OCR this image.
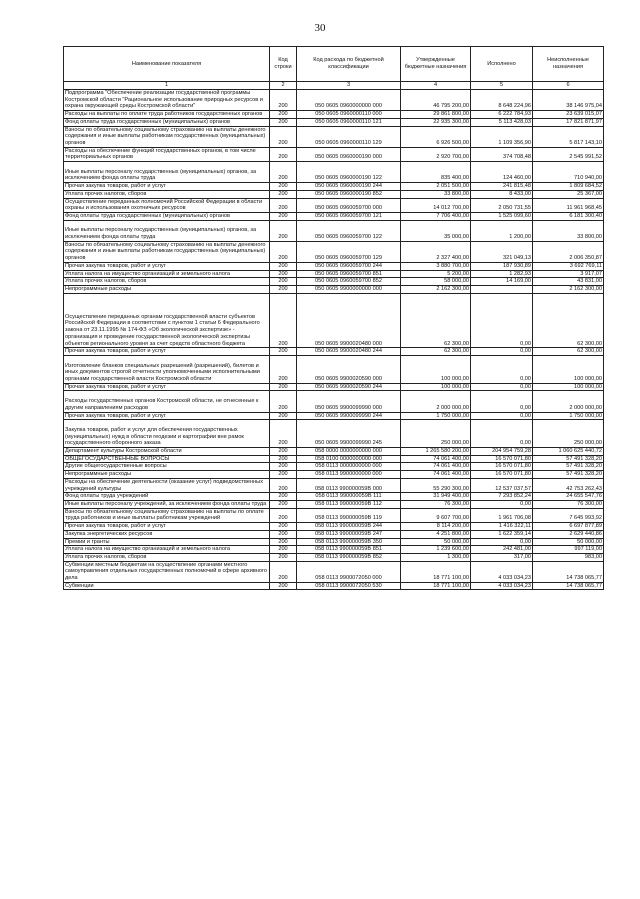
30
Наименование показателя	Код строки	Код расхода по бюджетной классификации	Утвержденные бюджетные назначения	Исполнено	Неисполненные назначения
1	2	3	4	5	6
Подпрограмма "Обеспечение реализации государственной программы Костромской области "Рациональное использование природных ресурсов и охрана окружающей среды Костромской области"	200	050 0605 0960000000 000	46 795 200,00	8 648 224,96	38 146 975,04
Расходы на выплаты по оплате труда работников государственных органов	200	050 0605 0960000110 000	29 861 800,00	6 222 784,93	23 639 015,07
Фонд оплаты труда государственных (муниципальных) органов	200	050 0605 0960000110 121	22 935 300,00	5 113 428,03	17 821 871,97
Взносы по обязательному социальному страхованию на выплаты денежного содержания и иные выплаты работникам государственных (муниципальных) органов	200	050 0605 0960000110 129	6 926 500,00	1 109 356,90	5 817 143,10
Расходы на обеспечение функций государственных органов, в том числе территориальных органов	200	050 0605 0960000190 000	2 920 700,00	374 708,48	2 545 991,52
Иные выплаты персоналу государственных (муниципальных) органов, за исключением фонда оплаты труда	200	050 0605 0960000190 122	835 400,00	124 460,00	710 940,00
Прочая закупка товаров, работ и услуг	200	050 0605 0960000190 244	2 051 500,00	241 815,48	1 809 684,52
Уплата прочих налогов, сборов	200	050 0605 0960000190 852	33 800,00	8 433,00	25 367,00
Осуществление переданных полномочий Российской Федерации в области охраны и использования охотничьих ресурсов	200	050 0605 0960059700 000	14 012 700,00	2 050 731,55	11 961 968,45
Фонд оплаты труда государственных (муниципальных) органов	200	050 0605 0960059700 121	7 706 400,00	1 525 099,60	6 181 300,40
Иные выплаты персоналу государственных (муниципальных) органов, за исключением фонда оплаты труда	200	050 0605 0960059700 122	35 000,00	1 200,00	33 800,00
Взносы по обязательному социальному страхованию на выплаты денежного содержания и иные выплаты работникам государственных (муниципальных) органов	200	050 0605 0960059700 129	2 327 400,00	321 049,13	2 006 350,87
Прочая закупка товаров, работ и услуг	200	050 0605 0960059700 244	3 880 700,00	187 930,89	3 692 769,11
Уплата налога на имущество организаций и земельного налога	200	050 0605 0960059700 851	5 200,00	1 282,93	3 917,07
Уплата прочих налогов, сборов	200	050 0605 0960059700 852	58 000,00	14 169,00	43 831,00
Непрограммные расходы	200	050 0605 9900000000 000	2 162 300,00		2 162 300,00
Осуществление переданных органам государственной власти субъектов Российской Федерации в соответствии с пунктом 1 статьи 6 Федерального закона от 23.11.1995 № 174-ФЗ «Об экологической экспертизе» - организация и проведение государственной экологической экспертизы объектов регионального уровня за счет средств областного бюджета	200	050 0605 9900020480 000	62 300,00	0,00	62 300,00
Прочая закупка товаров, работ и услуг	200	050 0605 9900020480 244	62 300,00	0,00	62 300,00
Изготовление бланков специальных разрешений (разрешений), билетов и иных документов строгой отчетности уполномоченными исполнительными органами государственной власти Костромской области	200	050 0605 9900020590 000	100 000,00	0,00	100 000,00
Прочая закупка товаров, работ и услуг	200	050 0605 9900020590 244	100 000,00	0,00	100 000,00
Расходы государственных органов Костромской области, не отнесенные к другим направлениям расходов	200	050 0605 9900099990 000	2 000 000,00	0,00	2 000 000,00
Прочая закупка товаров, работ и услуг	200	050 0605 9900099990 244	1 750 000,00	0,00	1 750 000,00
Закупка товаров, работ и услуг для обеспечения государственных (муниципальных) нужд в области геодезии и картографии вне рамок государственного оборонного заказа	200	050 0605 9900099990 245	250 000,00	0,00	250 000,00
Департамент культуры Костромской области	200	058 0000 0000000000 000	1 265 580 200,00	204 954 759,28	1 060 625 440,72
ОБЩЕГОСУДАРСТВЕННЫЕ ВОПРОСЫ	200	058 0100 0000000000 000	74 061 400,00	16 570 071,80	57 491 328,20
Другие общегосударственные вопросы	200	058 0113 0000000000 000	74 061 400,00	16 570 071,80	57 491 328,20
Непрограммные расходы	200	058 0113 9900000000 000	74 061 400,00	16 570 071,80	57 491 328,20
Расходы на обеспечение деятельности (оказание услуг) подведомственных учреждений культуры	200	058 0113 990000059В 000	55 290 300,00	12 537 037,57	42 753 262,43
Фонд оплаты труда учреждений	200	058 0113 990000059В 111	31 949 400,00	7 293 852,24	24 655 547,76
Иные выплаты персоналу учреждений, за исключением фонда оплаты труда	200	058 0113 990000059В 112	76 300,00	0,00	76 300,00
Взносы по обязательному социальному страхованию на выплаты по оплате труда работников и иные выплаты работникам учреждений	200	058 0113 990000059В 119	9 607 700,00	1 961 706,08	7 645 993,92
Прочая закупка товаров, работ и услуг	200	058 0113 990000059В 244	8 114 200,00	1 416 322,11	6 697 877,89
Закупка энергетических ресурсов	200	058 0113 990000059В 247	4 251 800,00	1 622 359,14	2 629 440,86
Премии и гранты	200	058 0113 990000059В 350	50 000,00	0,00	50 000,00
Уплата налога на имущество организаций и земельного налога	200	058 0113 990000059В 851	1 239 600,00	242 481,00	997 119,00
Уплата прочих налогов, сборов	200	058 0113 990000059В 852	1 300,00	317,00	983,00
Субвенции местным бюджетам на осуществление органами местного самоуправления отдельных государственных полномочий в сфере архивного дела	200	058 0113 9900072050 000	18 771 100,00	4 033 034,23	14 738 065,77
Субвенции	200	058 0113 9900072050 530	18 771 100,00	4 033 034,23	14 738 065,77
